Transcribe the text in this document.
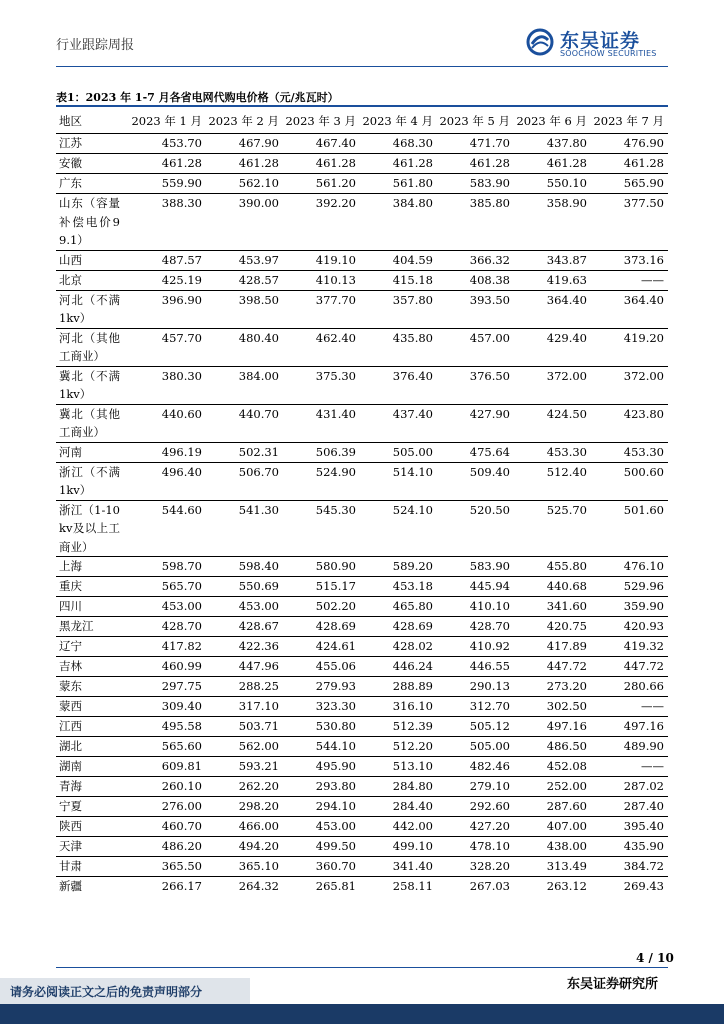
行业跟踪周报	东吴证券
SOOCHOW SECURITIES
表1：2023 年 1-7 月各省电网代购电价格（元/兆瓦时）
地区	2023 年 1 月	2023 年 2 月	2023 年 3 月	2023 年 4 月	2023 年 5 月	2023 年 6 月	2023 年 7 月
江苏	453.70	467.90	467.40	468.30	471.70	437.80	476.90
安徽	461.28	461.28	461.28	461.28	461.28	461.28	461.28
广东	559.90	562.10	561.20	561.80	583.90	550.10	565.90
山东（容量补偿电价99.1）	388.30	390.00	392.20	384.80	385.80	358.90	377.50
山西	487.57	453.97	419.10	404.59	366.32	343.87	373.16
北京	425.19	428.57	410.13	415.18	408.38	419.63	——
河北（不满1kv）	396.90	398.50	377.70	357.80	393.50	364.40	364.40
河北（其他工商业）	457.70	480.40	462.40	435.80	457.00	429.40	419.20
冀北（不满1kv）	380.30	384.00	375.30	376.40	376.50	372.00	372.00
冀北（其他工商业）	440.60	440.70	431.40	437.40	427.90	424.50	423.80
河南	496.19	502.31	506.39	505.00	475.64	453.30	453.30
浙江（不满1kv）	496.40	506.70	524.90	514.10	509.40	512.40	500.60
浙江（1-10kv及以上工商业）	544.60	541.30	545.30	524.10	520.50	525.70	501.60
上海	598.70	598.40	580.90	589.20	583.90	455.80	476.10
重庆	565.70	550.69	515.17	453.18	445.94	440.68	529.96
四川	453.00	453.00	502.20	465.80	410.10	341.60	359.90
黑龙江	428.70	428.67	428.69	428.69	428.70	420.75	420.93
辽宁	417.82	422.36	424.61	428.02	410.92	417.89	419.32
吉林	460.99	447.96	455.06	446.24	446.55	447.72	447.72
蒙东	297.75	288.25	279.93	288.89	290.13	273.20	280.66
蒙西	309.40	317.10	323.30	316.10	312.70	302.50	——
江西	495.58	503.71	530.80	512.39	505.12	497.16	497.16
湖北	565.60	562.00	544.10	512.20	505.00	486.50	489.90
湖南	609.81	593.21	495.90	513.10	482.46	452.08	——
青海	260.10	262.20	293.80	284.80	279.10	252.00	287.02
宁夏	276.00	298.20	294.10	284.40	292.60	287.60	287.40
陕西	460.70	466.00	453.00	442.00	427.20	407.00	395.40
天津	486.20	494.20	499.50	499.10	478.10	438.00	435.90
甘肃	365.50	365.10	360.70	341.40	328.20	313.49	384.72
新疆	266.17	264.32	265.81	258.11	267.03	263.12	269.43
4 / 10
东吴证券研究所
请务必阅读正文之后的免责声明部分
